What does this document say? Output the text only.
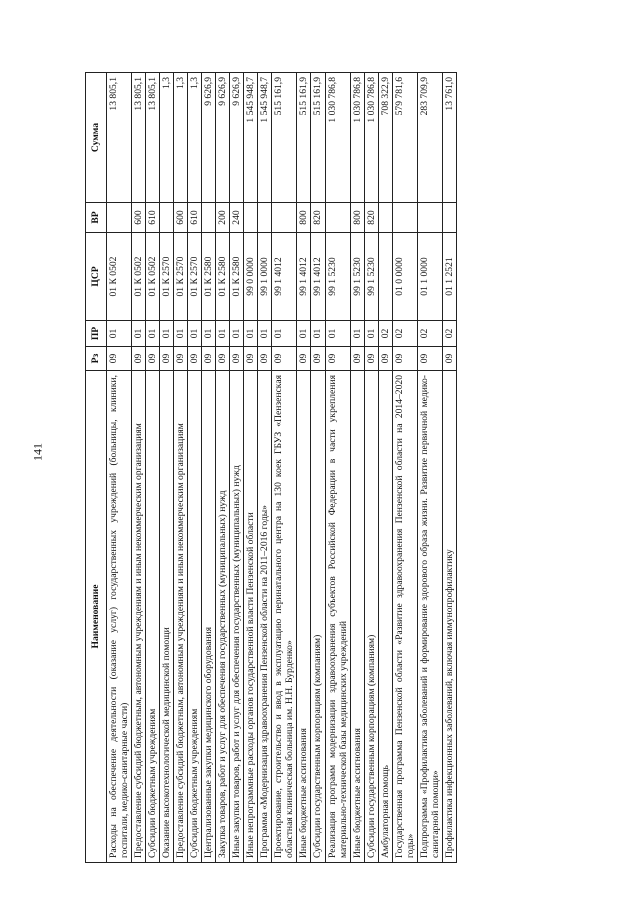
141
Наименование	Рз	ПР	ЦСР	ВР	Сумма
Расходы на обеспечение деятельности (оказание услуг) государственных учреждений (больницы, клиники, госпитали, медико-санитарные части)	09	01	01 К 0502		13 805,1
Предоставление субсидий бюджетным, автономным учреждениям и иным некоммерческим организациям	09	01	01 К 0502	600	13 805,1
Субсидии бюджетным учреждениям	09	01	01 К 0502	610	13 805,1
Оказание высокотехнологической медицинской помощи	09	01	01 К 2570		1,3
Предоставление субсидий бюджетным, автономным учреждениям и иным некоммерческим организациям	09	01	01 К 2570	600	1,3
Субсидии бюджетным учреждениям	09	01	01 К 2570	610	1,3
Централизованные закупки медицинского оборудования	09	01	01 К 2580		9 626,9
Закупка товаров, работ и услуг для обеспечения государственных (муниципальных) нужд	09	01	01 К 2580	200	9 626,9
Иные закупки товаров, работ и услуг для обеспечения государственных (муниципальных) нужд	09	01	01 К 2580	240	9 626,9
Иные непрограммные расходы органов государственной власти Пензенской области	09	01	99 0 0000		1 545 948,7
Программа «Модернизация здравоохранения Пензенской области на 2011–2016 годы»	09	01	99 1 0000		1 545 948,7
Проектирование, строительство и ввод в эксплуатацию перинатального центра на 130 коек ГБУЗ «Пензенская областная клиническая больница им. Н.Н. Бурденко»	09	01	99 1 4012		515 161,9
Иные бюджетные ассигнования	09	01	99 1 4012	800	515 161,9
Субсидии государственным корпорациям (компаниям)	09	01	99 1 4012	820	515 161,9
Реализация программ модернизации здравоохранения субъектов Российской Федерации в части укрепления материально-технической базы медицинских учреждений	09	01	99 1 5230		1 030 786,8
Иные бюджетные ассигнования	09	01	99 1 5230	800	1 030 786,8
Субсидии государственным корпорациям (компаниям)	09	01	99 1 5230	820	1 030 786,8
Амбулаторная помощь	09	02			708 322,9
Государственная программа Пензенской области «Развитие здравоохранения Пензенской области на 2014–2020 годы»	09	02	01 0 0000		579 781,6
Подпрограмма «Профилактика заболеваний и формирование здорового образа жизни. Развитие первичной медико-санитарной помощи»	09	02	01 1 0000		283 709,9
Профилактика инфекционных заболеваний, включая иммунопрофилактику	09	02	01 1 2521		13 761,0
